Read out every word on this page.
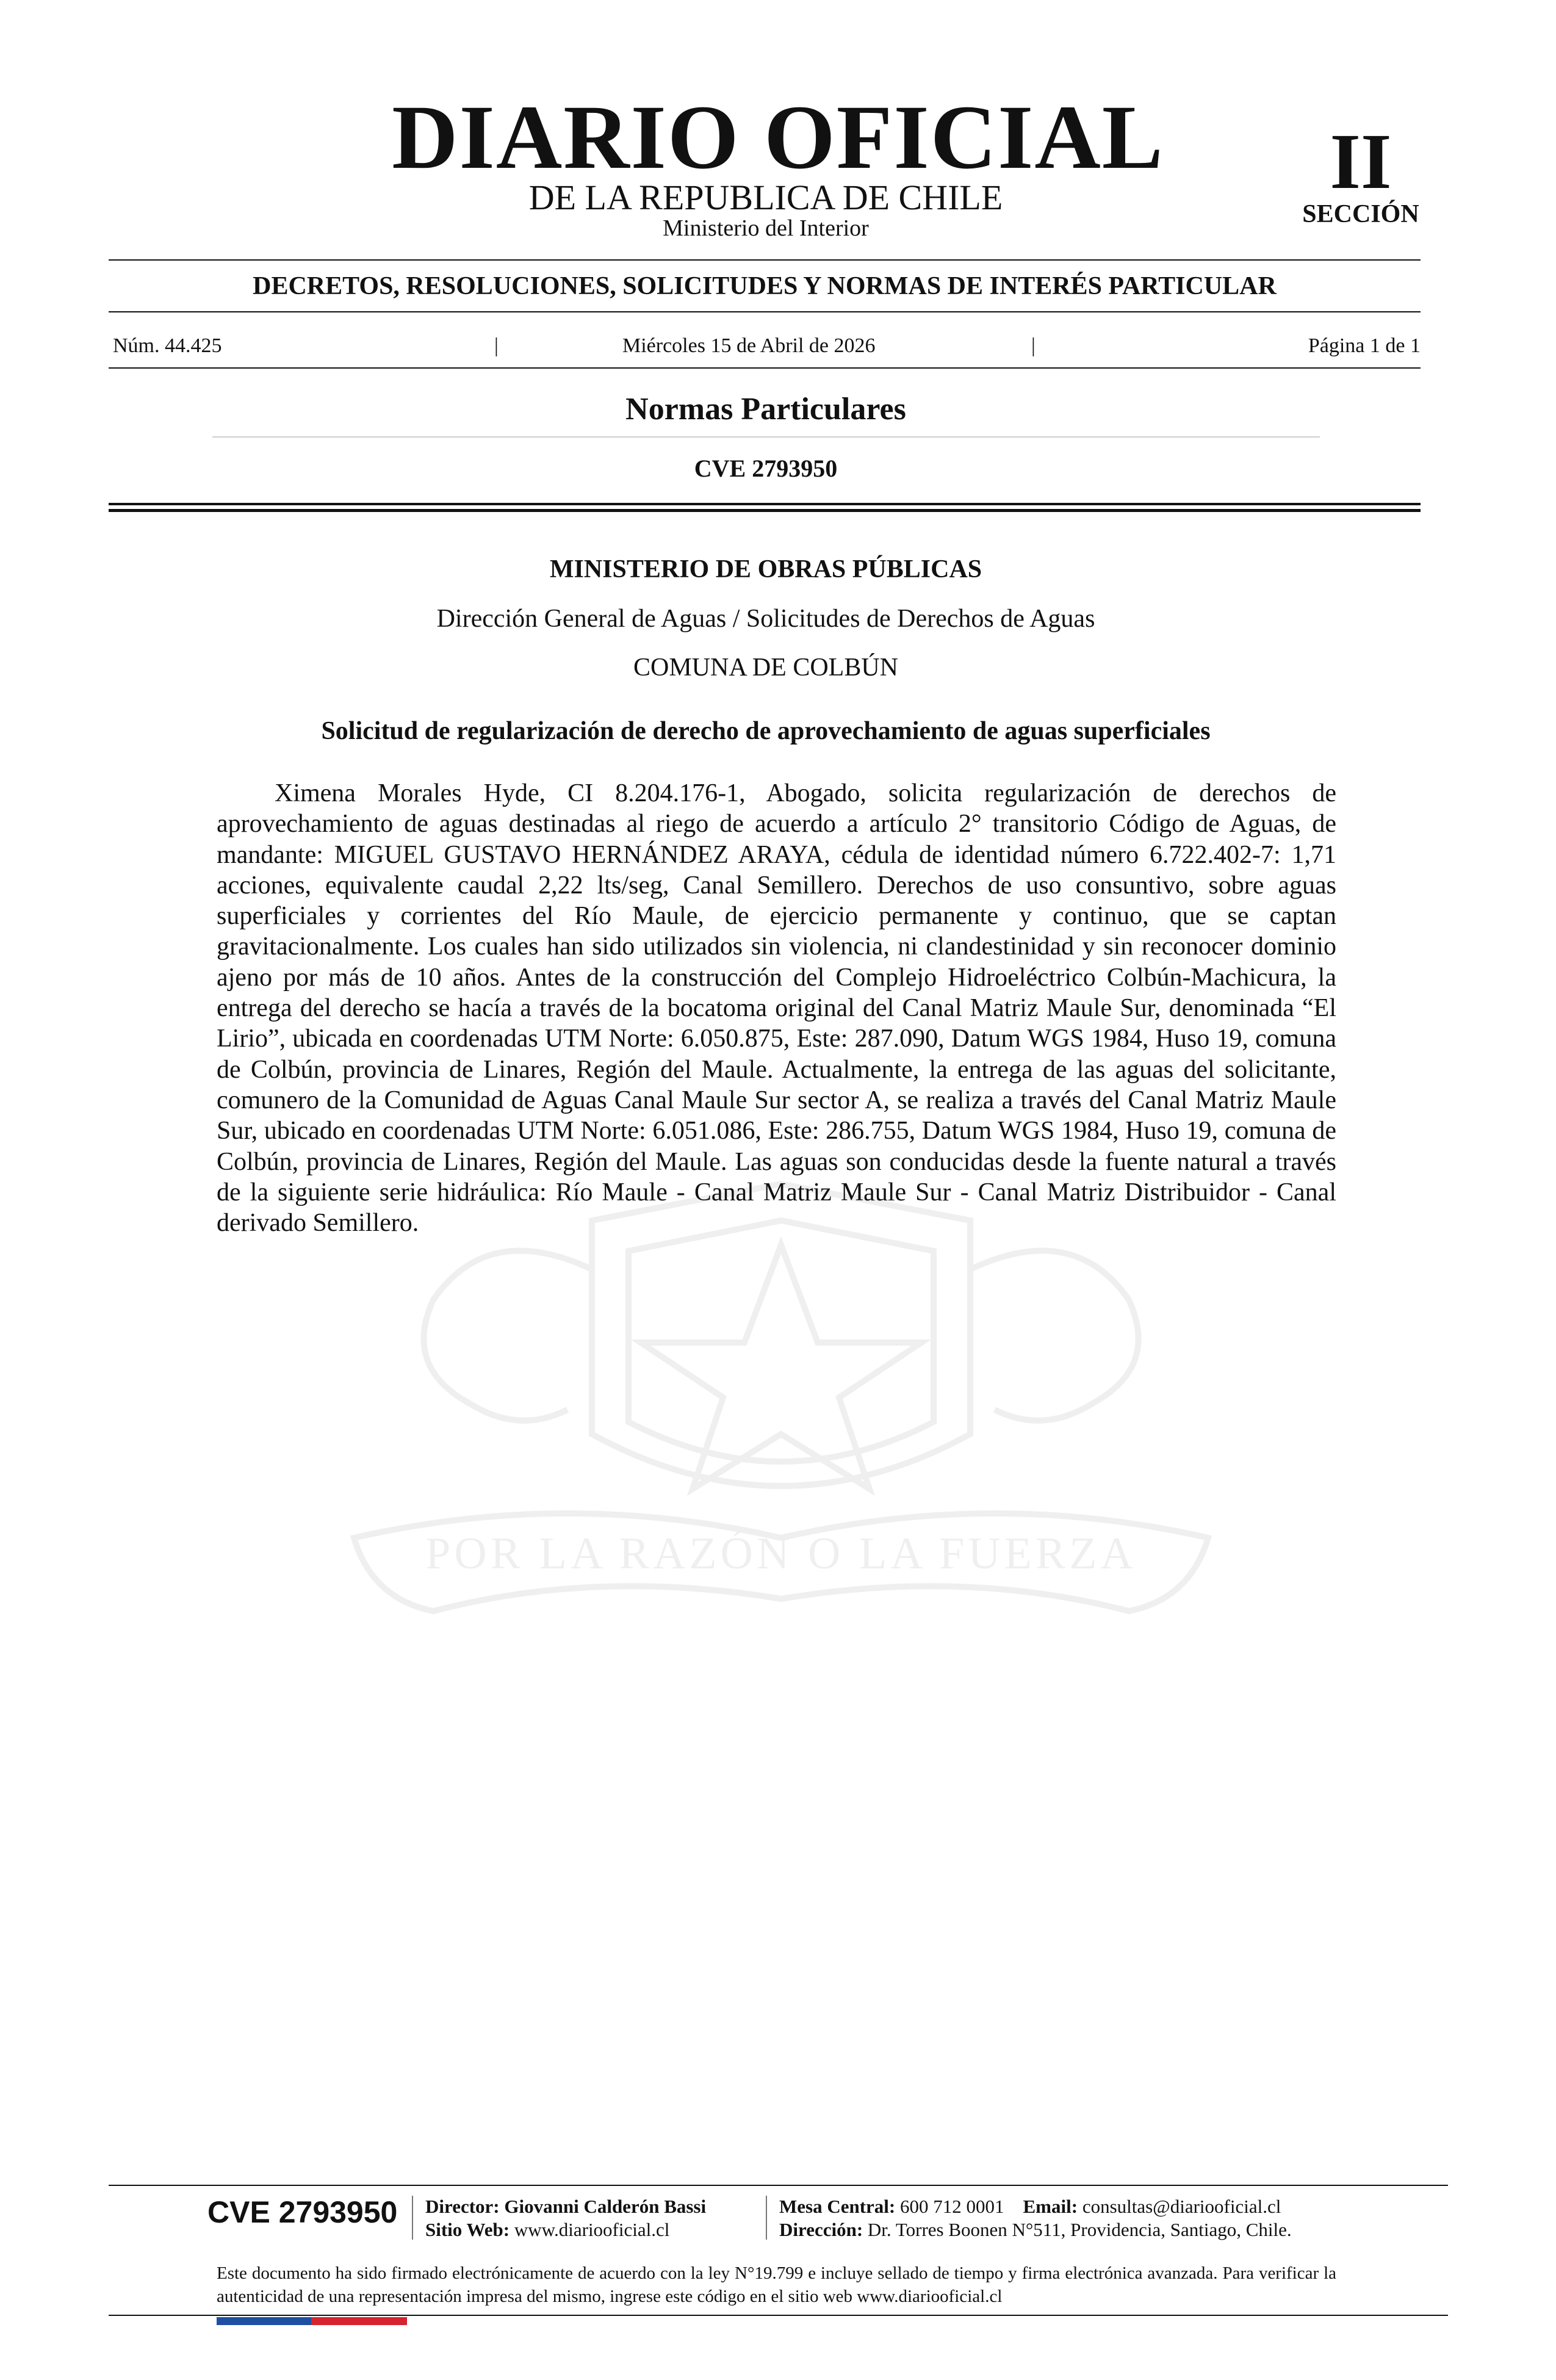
DIARIO OFICIAL
DE LA REPUBLICA DE CHILE
Ministerio del Interior
II
SECCIÓN
DECRETOS, RESOLUCIONES, SOLICITUDES Y NORMAS DE INTERÉS PARTICULAR
Núm. 44.425	|	Miércoles 15 de Abril de 2026	|	Página 1 de 1
Normas Particulares
CVE 2793950
POR LA RAZÓN O LA FUERZA
MINISTERIO DE OBRAS PÚBLICAS
Dirección General de Aguas / Solicitudes de Derechos de Aguas
COMUNA DE COLBÚN
Solicitud de regularización de derecho de aprovechamiento de aguas superficiales
Ximena Morales Hyde, CI 8.204.176-1, Abogado, solicita regularización de derechos de aprovechamiento de aguas destinadas al riego de acuerdo a artículo 2° transitorio Código de Aguas, de mandante: MIGUEL GUSTAVO HERNÁNDEZ ARAYA, cédula de identidad número 6.722.402-7: 1,71 acciones, equivalente caudal 2,22 lts/seg, Canal Semillero. Derechos de uso consuntivo, sobre aguas superficiales y corrientes del Río Maule, de ejercicio permanente y continuo, que se captan gravitacionalmente. Los cuales han sido utilizados sin violencia, ni clandestinidad y sin reconocer dominio ajeno por más de 10 años. Antes de la construcción del Complejo Hidroeléctrico Colbún-Machicura, la entrega del derecho se hacía a través de la bocatoma original del Canal Matriz Maule Sur, denominada “El Lirio”, ubicada en coordenadas UTM Norte: 6.050.875, Este: 287.090, Datum WGS 1984, Huso 19, comuna de Colbún, provincia de Linares, Región del Maule. Actualmente, la entrega de las aguas del solicitante, comunero de la Comunidad de Aguas Canal Maule Sur sector A, se realiza a través del Canal Matriz Maule Sur, ubicado en coordenadas UTM Norte: 6.051.086, Este: 286.755, Datum WGS 1984, Huso 19, comuna de Colbún, provincia de Linares, Región del Maule. Las aguas son conducidas desde la fuente natural a través de la siguiente serie hidráulica: Río Maule - Canal Matriz Maule Sur - Canal Matriz Distribuidor - Canal derivado Semillero.
CVE 2793950 Director: Giovanni Calderón Bassi
Sitio Web: www.diariooficial.cl
Mesa Central: 600 712 0001 Email: consultas@diariooficial.cl
Dirección: Dr. Torres Boonen N°511, Providencia, Santiago, Chile.
Este documento ha sido firmado electrónicamente de acuerdo con la ley N°19.799 e incluye sellado de tiempo y firma electrónica avanzada. Para verificar la autenticidad de una representación impresa del mismo, ingrese este código en el sitio web www.diariooficial.cl
